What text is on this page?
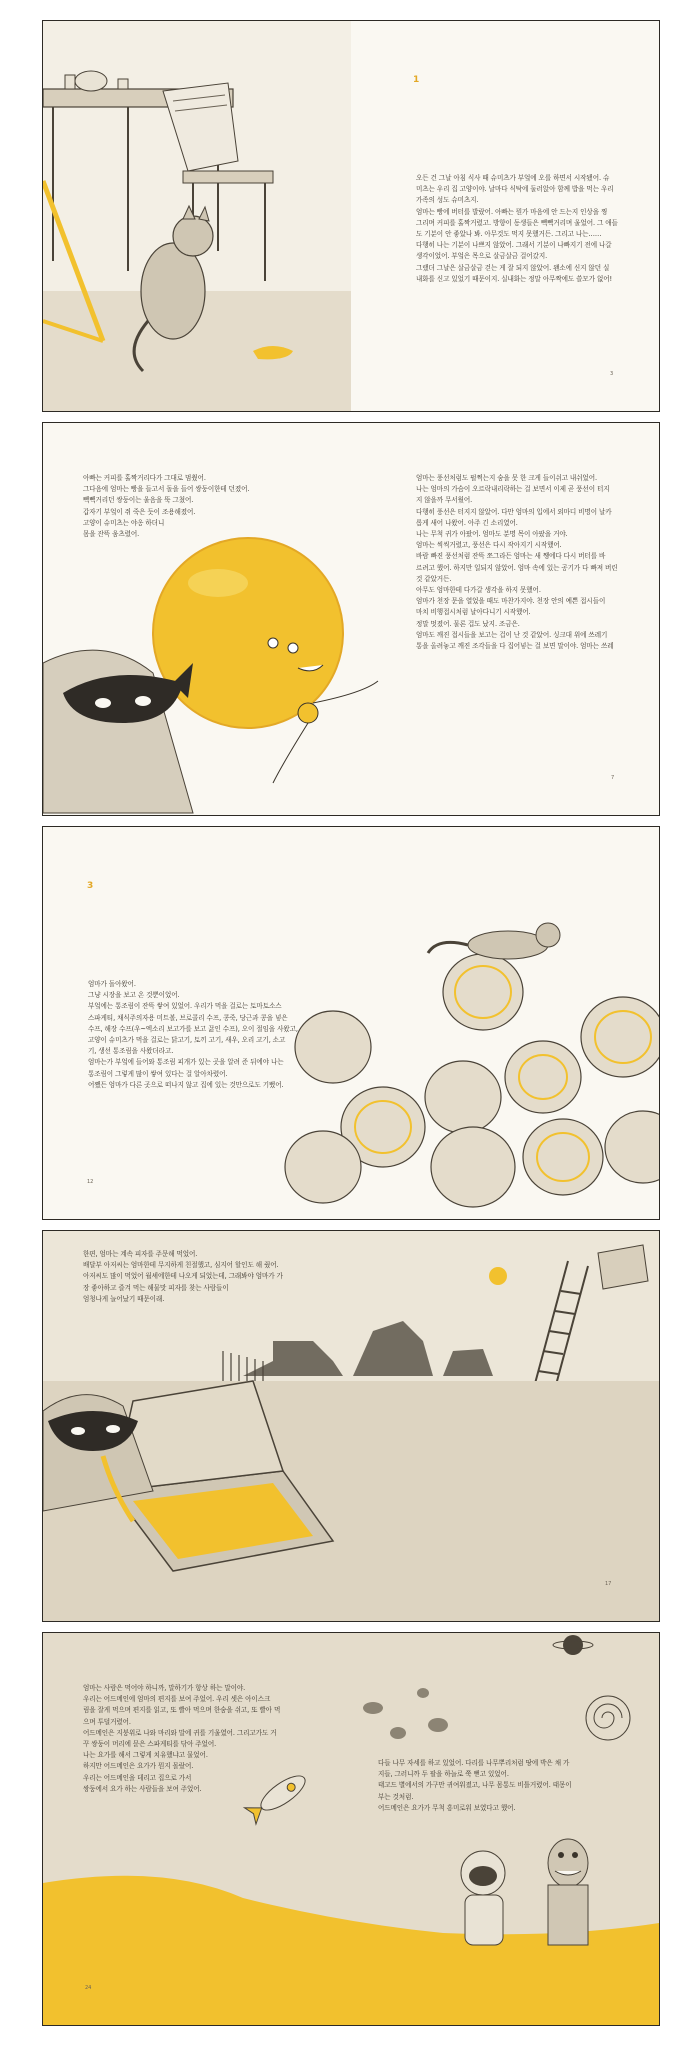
1

오든 건 그날 아침 식사 때 슈미츠가 부엌에 오를 하면서 시작됐어. 슈

미츠는 우리 집 고양이야. 날마다 식탁에 둘러앉아 함께 밥을 먹는 우리

가족의 성도 슈미츠지.

엄마는 빵에 버터를 발랐어. 아빠는 뭔가 마음에 안 드는지 인상을 찡

그리며 커피를 홀짝거렸고. 방향이 동생들은 빽빽거리며 울었어. 그 애들

도 기분이 안 좋았나 봐. 아무것도 먹지 못했거든. 그리고 나는……

다행히 나는 기분이 나쁘지 않았어. 그래서 기분이 나빠지기 전에 나갈

생각이었어. 부엌은 목으로 살금살금 걸어갔지.

그랬더 그날은 살금살금 걷는 게 잘 되지 않았어. 왠소에 신지 않던 실

내화를 신고 있었기 때문이지. 실내화는 정말 아무짝에도 쓸모가 없어!

3

아빠는 커피를 홀짝거리다가 그대로 멈췄어.

그다음에 엄마는 빵을 들고서 돌을 들어 쌍둥이한테 던졌어.

빽빽거리던 쌍둥이는 울음을 뚝 그쳤어.

갑자기 부엌이 쥐 죽은 듯이 조용해졌어.

고양이 슈미츠는 야옹 하더니

몸을 잔뜩 움츠렸어.

엄마는 풍선처럼도 펄쩍는지 숨을 못 한 크게 들이쉬고 내쉬었어.

나는 엄마의 가슴이 오르락내리락하는 걸 보면서 이제 곧 풍선이 터지

지 않을까 무서웠어.

다행히 풍선은 터지지 않았어. 다만 엄마의 입에서 외마디 비명이 날카

롭게 새어 나왔어. 아주 긴 소리였어.

나는 무척 귀가 아팠어. 엄마도 분명 목이 아팠을 거야.

엄마는 씩씩거렸고, 풍선은 다시 작아지기 시작했어.

바람 빠진 풍선처럼 잔뜩 쪼그라든 엄마는 새 쨍에다 다시 버터를 바

르려고 했어. 하지만 일되지 않았어. 엄마 속에 있는 공기가 다 빠져 버린

것 같았거든.

아무도 엄마한테 다가갈 생각을 하지 못했어.

엄마가 천장 문을 열었을 때도 마찬가지야. 천장 안의 예쁜 접시들이

마치 비행접시처럼 날아다니기 시작했어.

정말 멋졌어. 물론 겁도 났지. 조금은.

엄마도 깨진 접시들을 보고는 겁이 난 것 같았어. 싱크대 위에 쓰레기

통을 올려놓고 깨진 조각들을 다 집어넣는 걸 보면 말이야. 엄마는 쓰레

7
3

엄마가 돌아왔어.

그냥 시장을 보고 온 것뿐이었어.

부엌에는 통조림이 잔뜩 쌓여 있었어. 우리가 먹을 걸로는 토마토소스

스파게티, 채식주의자용 미트볼, 브로콜리 수프, 콩죽, 당근과 콩을 넣은

수프, 해장 수프(우~엑소리 보고가를 보고 끓인 수프), 오이 절임을 사왔고,

고양이 슈미츠가 먹을 걸로는 닭고기, 토끼 고기, 새우, 오리 고기, 소고

기, 생선 통조림을 사왔더라고.

엄마는가 부엌에 들어와 통조림 피개가 있는 곳을 알려 준 뒤에야 나는

통조림이 그렇게 많이 쌓여 있다는 걸 알아차렸어.

어쨌든 엄마가 다른 곳으로 떠나지 않고 집에 있는 것만으로도 기뻤어.

12

한편, 엄마는 계속 피자를 주문해 먹었어.

배달부 아저씨는 엄마한테 무지하게 친절했고, 심지어 할인도 해 줬어.

아저씨도 많이 먹었어 월셰에한테 나오게 되었는데, 그래봐야 엄마가 가

장 좋아하고 즐겨 먹는 해물맛 피자를 찾는 사람들이

엄청나게 늘어났기 때문이래.

17

엄마는 사람은 먹어야 하니까, 말하기가 항상 하는 말이야.

우리는 어드메인에 엄마의 편지를 보여 주었어. 우리 셋은 아이스크

림을 잘게 먹으며 편지를 읽고, 또 빨아 먹으며 한숨을 쉬고, 또 빨아 먹

으며 투덜거렸어.

어드메인은 지붕위로 나와 마리와 말에 귀를 기울였어. 그리고가도 거

꾸 쌍둥이 머리에 묻은 스파게티를 닦아 주었어.

나는 요가를 해서 그렇게 치유했냐고 물었어.

하지만 어드메인은 요가가 뭔지 몰랐어.

우리는 어드메인을 데리고 집으로 가서

쌍둥에서 요가 하는 사람들을 보여 주었어.

다들 나무 자세를 하고 있었어. 다리를 나무뿌리처럼 땅에 박은 채 가

지들, 그러니까 두 팔을 하늘로 쭉 뻗고 있었어.

태고드 별에서의 가구만 귀여워졌고, 나무 몸통도 비틀거렸어. 태몽이

부는 것처럼.

어드메인은 요가가 무척 흥미로워 보였다고 했어.

24
